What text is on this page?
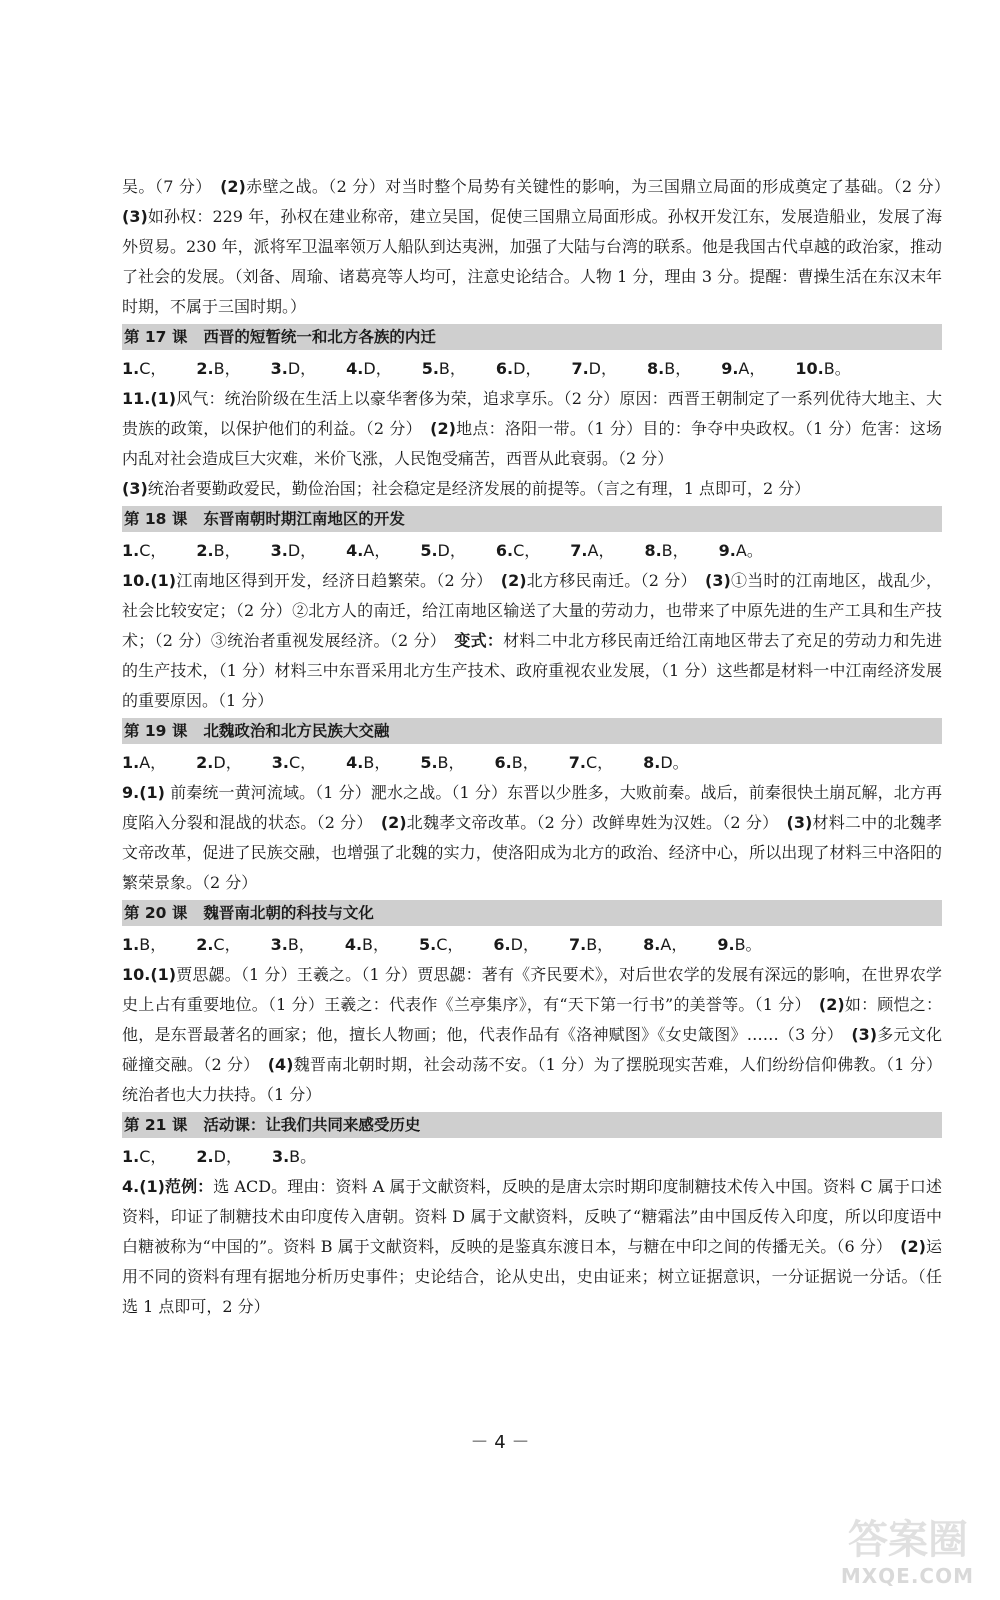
吴。（7 分）　 (2)赤壁之战。（2 分）对当时整个局势有关键性的影响，为三国鼎立局面的形成奠定了基础。（2 分）　(3)如孙权：229 年，孙权在建业称帝，建立吴国，促使三国鼎立局面形成。孙权开发江东，发展造船业，发展了海外贸易。230 年，派将军卫温率领万人船队到达夷洲，加强了大陆与台湾的联系。他是我国古代卓越的政治家，推动了社会的发展。（刘备、周瑜、诸葛亮等人均可，注意史论结合。人物 1 分，理由 3 分。提醒：曹操生活在东汉末年时期，不属于三国时期。）

第 17 课 西晋的短暂统一和北方各族的内迁

1.C， 2.B， 3.D， 4.D， 5.B， 6.D， 7.D， 8.B， 9.A， 10.B。

11.(1)风气：统治阶级在生活上以豪华奢侈为荣，追求享乐。（2 分）原因：西晋王朝制定了一系列优待大地主、大贵族的政策，以保护他们的利益。（2 分）　 (2)地点：洛阳一带。（1 分）目的：争夺中央政权。（1 分）危害：这场内乱对社会造成巨大灾难，米价飞涨，人民饱受痛苦，西晋从此衰弱。（2 分）
(3)统治者要勤政爱民，勤俭治国；社会稳定是经济发展的前提等。（言之有理，1 点即可，2 分）

第 18 课 东晋南朝时期江南地区的开发

1.C， 2.B， 3.D， 4.A， 5.D， 6.C， 7.A， 8.B， 9.A。

10.(1)江南地区得到开发，经济日趋繁荣。（2 分）　 (2)北方移民南迁。（2 分）　 (3)①当时的江南地区，战乱少，社会比较安定；（2 分）②北方人的南迁，给江南地区输送了大量的劳动力，也带来了中原先进的生产工具和生产技术；（2 分）③统治者重视发展经济。（2 分）　 变式：材料二中北方移民南迁给江南地区带去了充足的劳动力和先进的生产技术，（1 分）材料三中东晋采用北方生产技术、政府重视农业发展，（1 分）这些都是材料一中江南经济发展的重要原因。（1 分）

第 19 课 北魏政治和北方民族大交融

1.A， 2.D， 3.C， 4.B， 5.B， 6.B， 7.C， 8.D。

9.(1) 前秦统一黄河流域。（1 分）淝水之战。（1 分）东晋以少胜多，大败前秦。战后，前秦很快土崩瓦解，北方再度陷入分裂和混战的状态。（2 分）　 (2)北魏孝文帝改革。（2 分）改鲜卑姓为汉姓。（2 分）　 (3)材料二中的北魏孝文帝改革，促进了民族交融，也增强了北魏的实力，使洛阳成为北方的政治、经济中心，所以出现了材料三中洛阳的繁荣景象。（2 分）

第 20 课 魏晋南北朝的科技与文化

1.B， 2.C， 3.B， 4.B， 5.C， 6.D， 7.B， 8.A， 9.B。

10.(1)贾思勰。（1 分）王羲之。（1 分）贾思勰：著有《齐民要术》，对后世农学的发展有深远的影响，在世界农学史上占有重要地位。（1 分）王羲之：代表作《兰亭集序》，有“天下第一行书”的美誉等。（1 分）　 (2)如：顾恺之：他，是东晋最著名的画家；他，擅长人物画；他，代表作品有《洛神赋图》《女史箴图》……（3 分）　 (3)多元文化碰撞交融。（2 分）　 (4)魏晋南北朝时期，社会动荡不安。（1 分）为了摆脱现实苦难，人们纷纷信仰佛教。（1 分）统治者也大力扶持。（1 分）

第 21 课 活动课：让我们共同来感受历史

1.C， 2.D， 3.B。

4.(1)范例：选 ACD。理由：资料 A 属于文献资料，反映的是唐太宗时期印度制糖技术传入中国。资料 C 属于口述资料，印证了制糖技术由印度传入唐朝。资料 D 属于文献资料，反映了“糖霜法”由中国反传入印度，所以印度语中白糖被称为“中国的”。资料 B 属于文献资料，反映的是鉴真东渡日本，与糖在中印之间的传播无关。（6 分）　 (2)运用不同的资料有理有据地分析历史事件；史论结合，论从史出，史由证来；树立证据意识，一分证据说一分话。（任选 1 点即可，2 分）

－ 4 －
答案圈
MXQE.COM
